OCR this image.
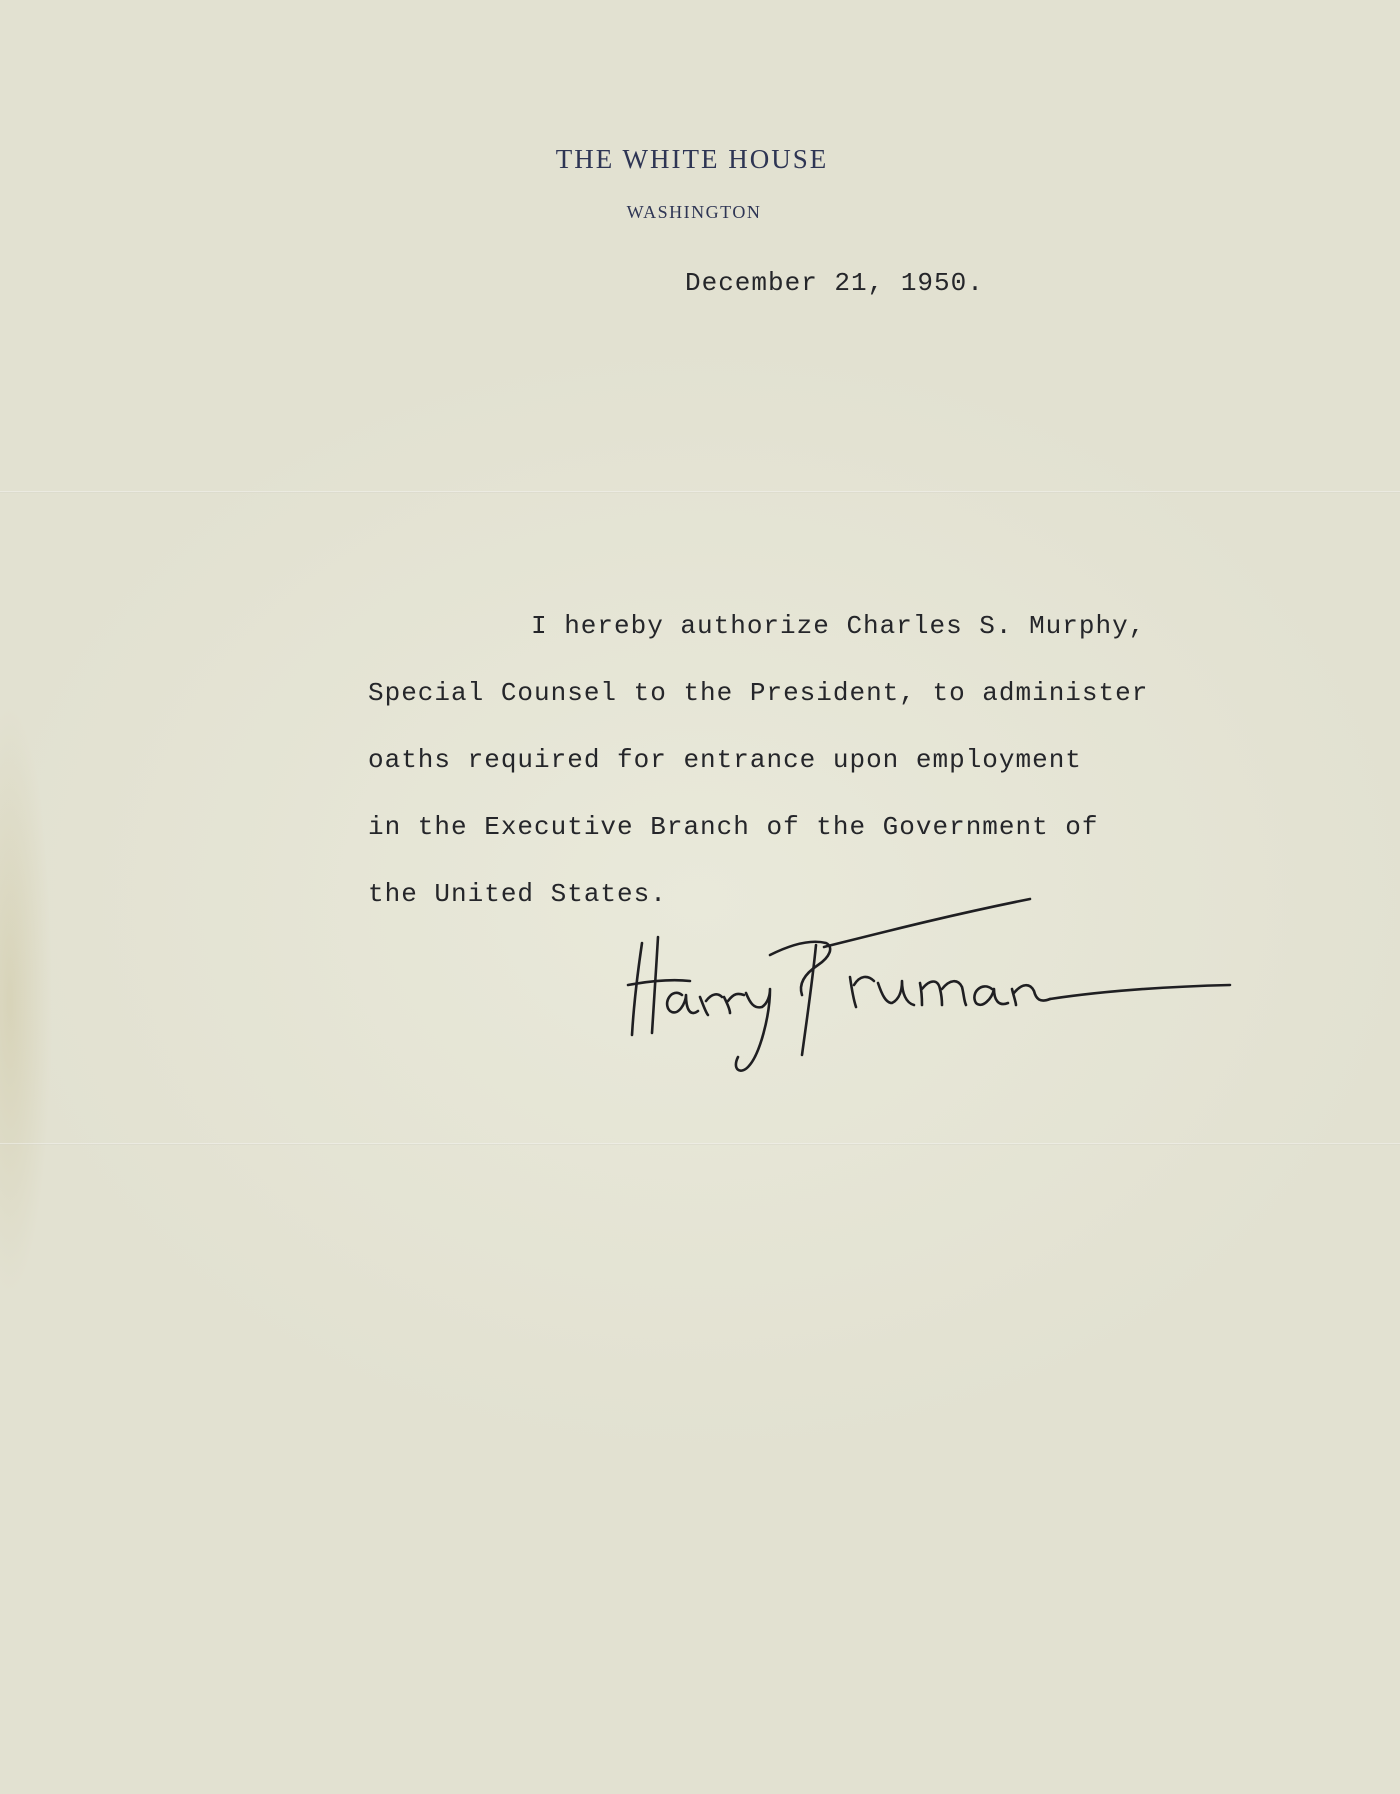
THE WHITE HOUSE
WASHINGTON
December 21, 1950.
I hereby authorize Charles S. Murphy,
Special Counsel to the President, to administer
oaths required for entrance upon employment
in the Executive Branch of the Government of
the United States.
